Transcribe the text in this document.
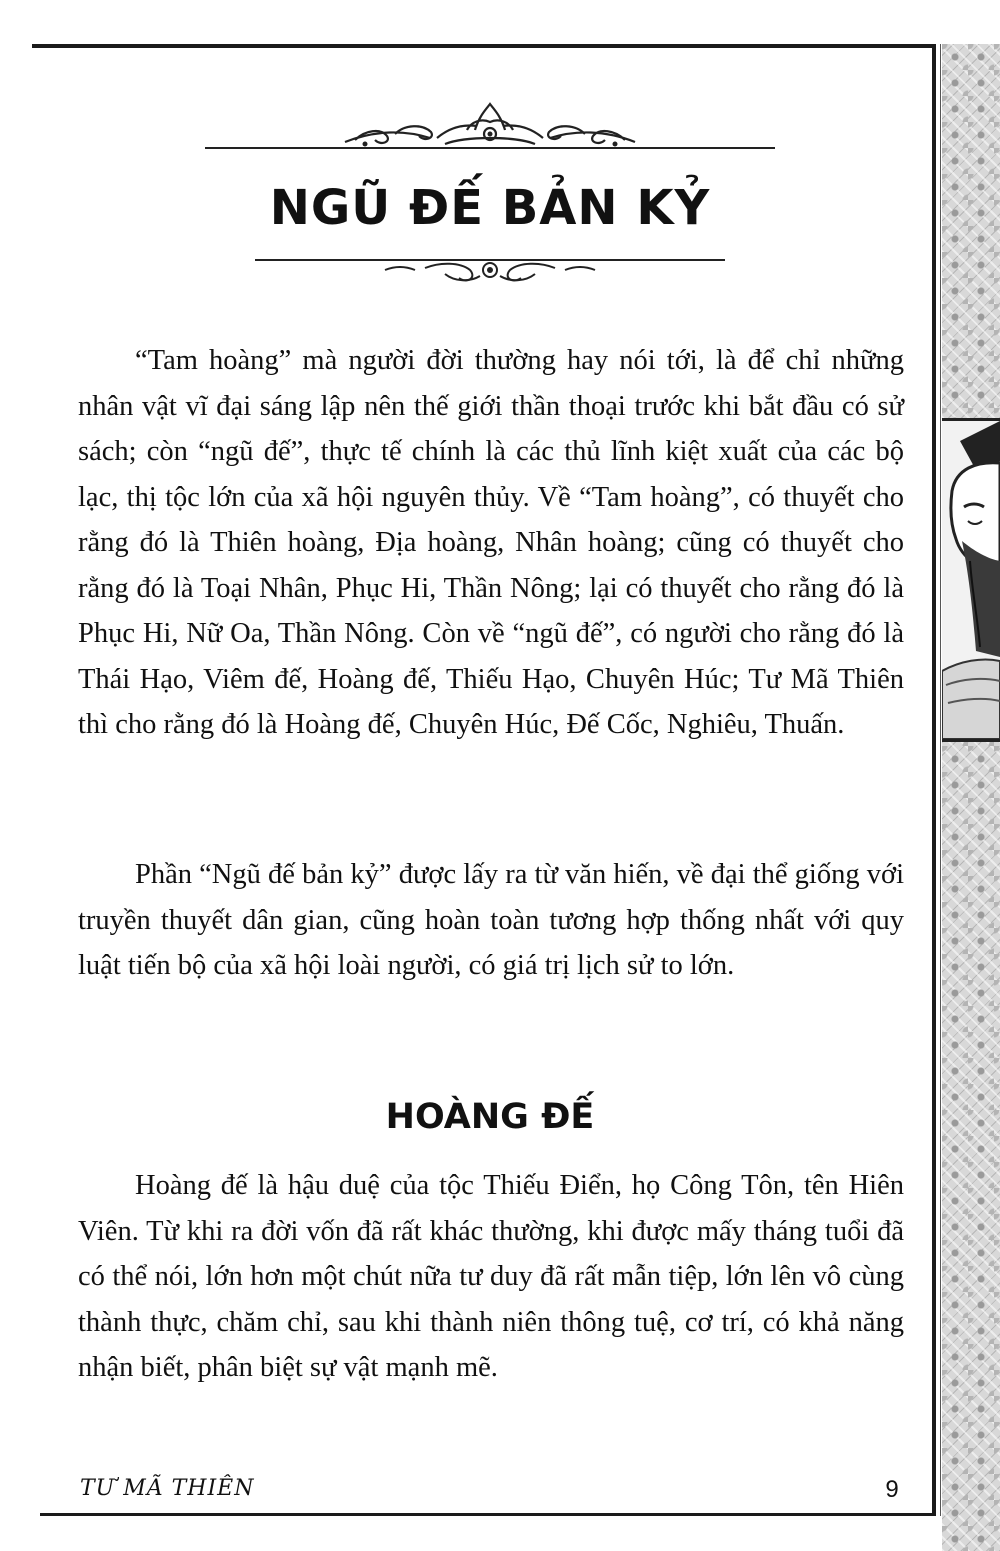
NGŨ ĐẾ BẢN KỶ

“Tam hoàng” mà người đời thường hay nói tới, là để chỉ những nhân vật vĩ đại sáng lập nên thế giới thần thoại trước khi bắt đầu có sử sách; còn “ngũ đế”, thực tế chính là các thủ lĩnh kiệt xuất của các bộ lạc, thị tộc lớn của xã hội nguyên thủy. Về “Tam hoàng”, có thuyết cho rằng đó là Thiên hoàng, Địa hoàng, Nhân hoàng; cũng có thuyết cho rằng đó là Toại Nhân, Phục Hi, Thần Nông; lại có thuyết cho rằng đó là Phục Hi, Nữ Oa, Thần Nông. Còn về “ngũ đế”, có người cho rằng đó là Thái Hạo, Viêm đế, Hoàng đế, Thiếu Hạo, Chuyên Húc; Tư Mã Thiên thì cho rằng đó là Hoàng đế, Chuyên Húc, Đế Cốc, Nghiêu, Thuấn.

Phần “Ngũ đế bản kỷ” được lấy ra từ văn hiến, về đại thể giống với truyền thuyết dân gian, cũng hoàn toàn tương hợp thống nhất với quy luật tiến bộ của xã hội loài người, có giá trị lịch sử to lớn.

HOÀNG ĐẾ

Hoàng đế là hậu duệ của tộc Thiếu Điển, họ Công Tôn, tên Hiên Viên. Từ khi ra đời vốn đã rất khác thường, khi được mấy tháng tuổi đã có thể nói, lớn hơn một chút nữa tư duy đã rất mẫn tiệp, lớn lên vô cùng thành thực, chăm chỉ, sau khi thành niên thông tuệ, cơ trí, có khả năng nhận biết, phân biệt sự vật mạnh mẽ.

TƯ MÃ THIÊN	9
